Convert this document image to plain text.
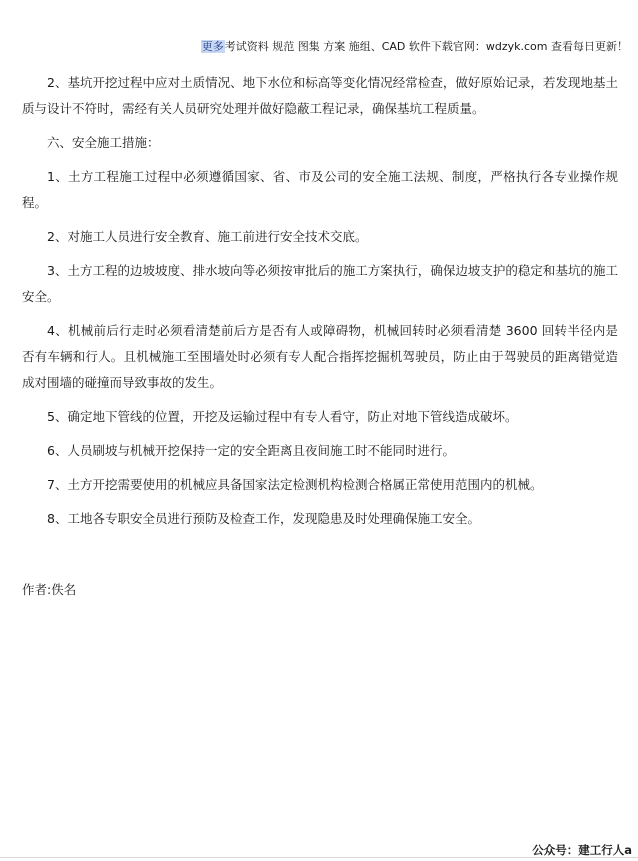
更多考试资料 规范 图集 方案 施组、CAD 软件下载官网：wdzyk.com 查看每日更新！

2、基坑开挖过程中应对土质情况、地下水位和标高等变化情况经常检查，做好原始记录，若发现地基土质与设计不符时，需经有关人员研究处理并做好隐蔽工程记录，确保基坑工程质量。

六、安全施工措施：

1、土方工程施工过程中必须遵循国家、省、市及公司的安全施工法规、制度，严格执行各专业操作规程。

2、对施工人员进行安全教育、施工前进行安全技术交底。

3、土方工程的边坡坡度、排水坡向等必须按审批后的施工方案执行，确保边坡支护的稳定和基坑的施工安全。

4、机械前后行走时必须看清楚前后方是否有人或障碍物，机械回转时必须看清楚 3600 回转半径内是否有车辆和行人。且机械施工至围墙处时必须有专人配合指挥挖掘机驾驶员，防止由于驾驶员的距离错觉造成对围墙的碰撞而导致事故的发生。

5、确定地下管线的位置，开挖及运输过程中有专人看守，防止对地下管线造成破坏。

6、人员刷坡与机械开挖保持一定的安全距离且夜间施工时不能同时进行。

7、土方开挖需要使用的机械应具备国家法定检测机构检测合格属正常使用范围内的机械。

8、工地各专职安全员进行预防及检查工作，发现隐患及时处理确保施工安全。

作者:佚名
公众号：建工行人a
